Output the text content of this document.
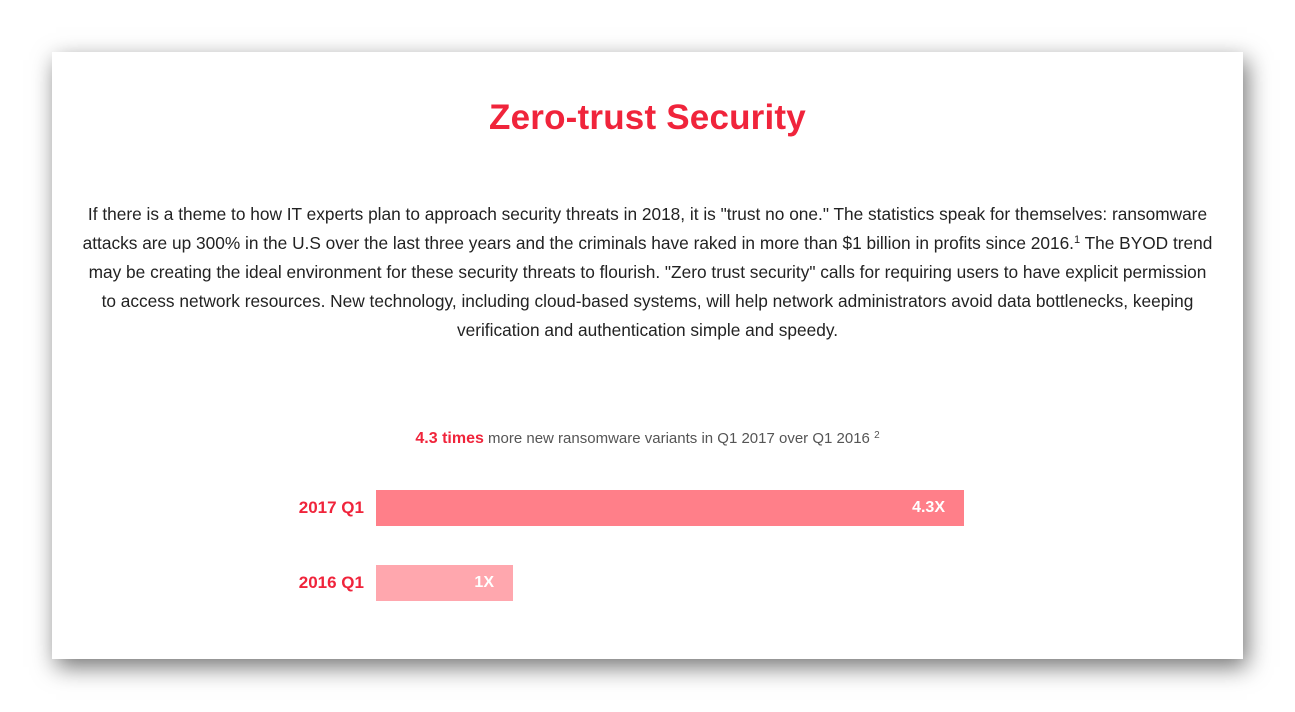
Zero-trust Security

If there is a theme to how IT experts plan to approach security threats in 2018, it is "trust no one." The statistics speak for themselves: ransomware attacks are up 300% in the U.S over the last three years and the criminals have raked in more than $1 billion in profits since 2016.$^1$ The BYOD trend may be creating the ideal environment for these security threats to flourish. "Zero trust security" calls for requiring users to have explicit permission to access network resources. New technology, including cloud-based systems, will help network administrators avoid data bottlenecks, keeping verification and authentication simple and speedy.

4.3 times more new ransomware variants in Q1 2017 over Q1 2016 $^2$
2017 Q1	4.3X
2016 Q1	1X
